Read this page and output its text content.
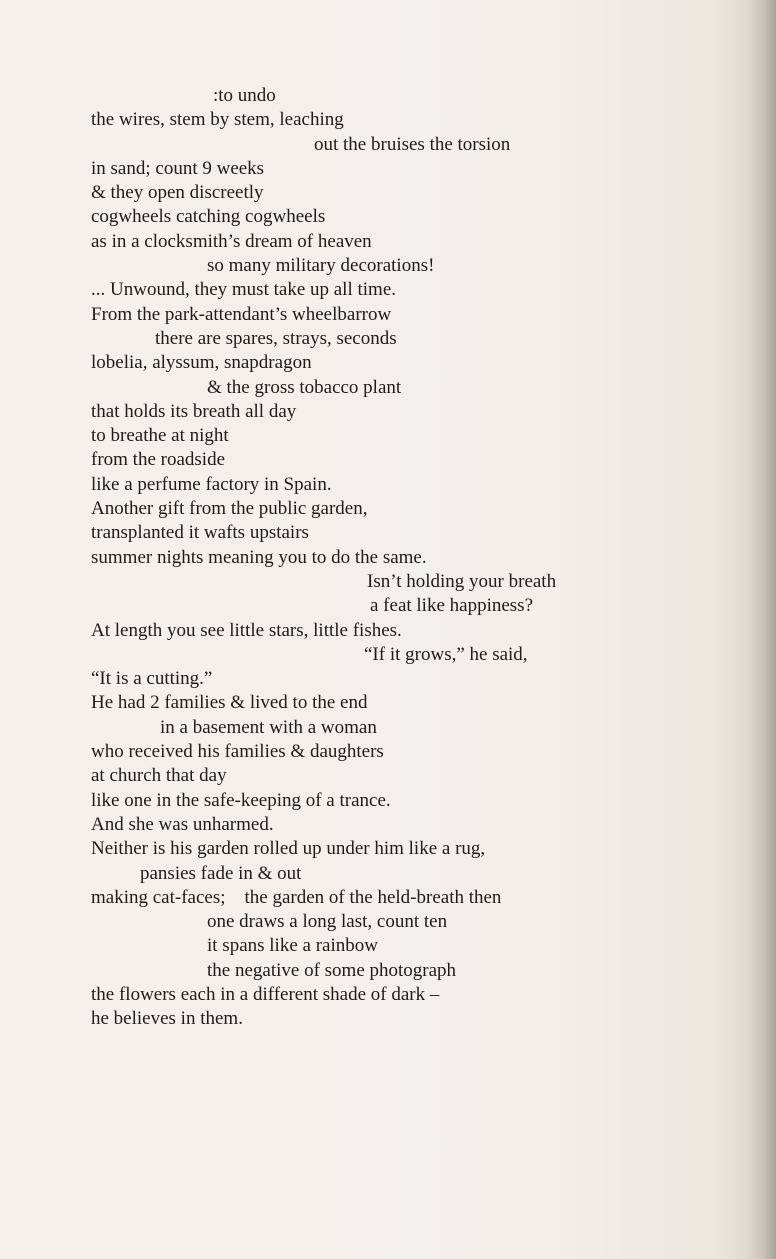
:to undo
the wires, stem by stem, leaching
out the bruises the torsion
in sand; count 9 weeks
& they open discreetly
cogwheels catching cogwheels
as in a clocksmith’s dream of heaven
so many military decorations!
... Unwound, they must take up all time.
From the park-attendant’s wheelbarrow
there are spares, strays, seconds
lobelia, alyssum, snapdragon
& the gross tobacco plant
that holds its breath all day
to breathe at night
from the roadside
like a perfume factory in Spain.
Another gift from the public garden,
transplanted it wafts upstairs
summer nights meaning you to do the same.
Isn’t holding your breath
a feat like happiness?
At length you see little stars, little fishes.
“If it grows,” he said,
“It is a cutting.”
He had 2 families & lived to the end
in a basement with a woman
who received his families & daughters
at church that day
like one in the safe-keeping of a trance.
And she was unharmed.
Neither is his garden rolled up under him like a rug,
pansies fade in & out
making cat-faces;    the garden of the held-breath then
one draws a long last, count ten
it spans like a rainbow
the negative of some photograph
the flowers each in a different shade of dark –
he believes in them.
